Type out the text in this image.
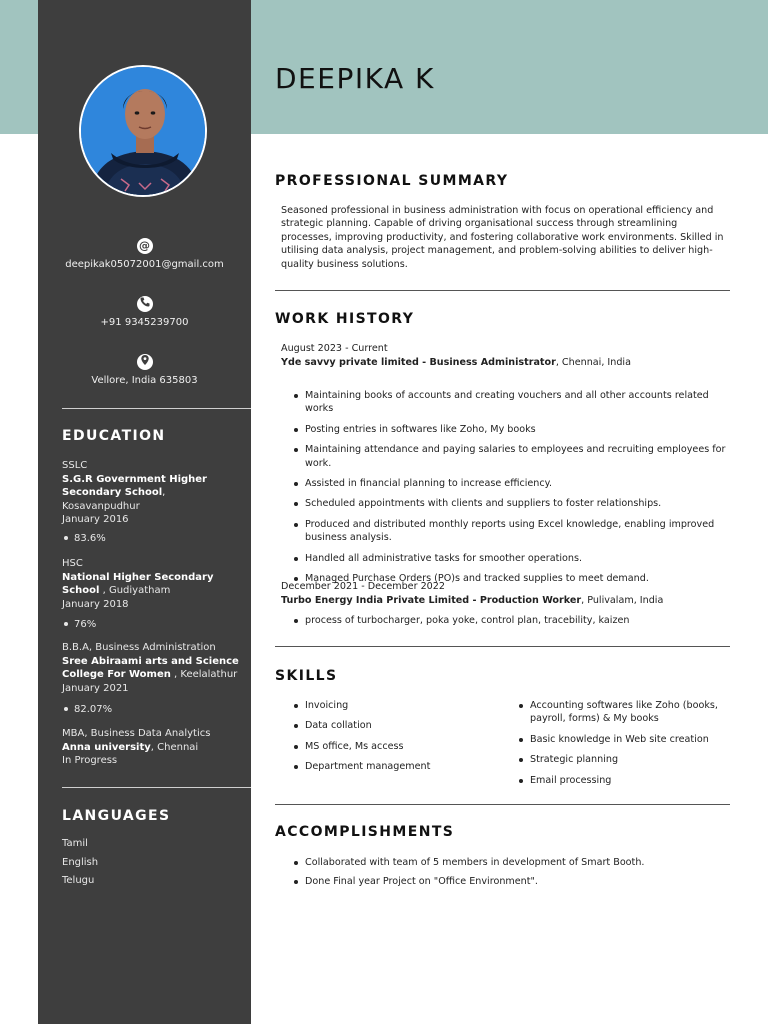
@
deepikak05072001@gmail.com
+91 9345239700
Vellore, India 635803
EDUCATION
SSLC
S.G.R Government Higher Secondary School,
Kosavanpudhur
January 2016
83.6%
HSC
National Higher Secondary School , Gudiyatham
January 2018
76%
B.B.A, Business Administration
Sree Abiraami arts and Science College For Women , Keelalathur
January 2021
82.07%
MBA, Business Data Analytics
Anna university, Chennai
In Progress
LANGUAGES
Tamil
English
Telugu
DEEPIKA K
PROFESSIONAL SUMMARY
Seasoned professional in business administration with focus on operational efficiency and strategic planning. Capable of driving organisational success through streamlining processes, improving productivity, and fostering collaborative work environments. Skilled in utilising data analysis, project management, and problem-solving abilities to deliver high-quality business solutions.
WORK HISTORY
August 2023 - Current
Yde savvy private limited - Business Administrator, Chennai, India
Maintaining books of accounts and creating vouchers and all other accounts related works
Posting entries in softwares like Zoho, My books
Maintaining attendance and paying salaries to employees and recruiting employees for work.
Assisted in financial planning to increase efficiency.
Scheduled appointments with clients and suppliers to foster relationships.
Produced and distributed monthly reports using Excel knowledge, enabling improved business analysis.
Handled all administrative tasks for smoother operations.
Managed Purchase Orders (PO)s and tracked supplies to meet demand.
December 2021 - December 2022
Turbo Energy India Private Limited - Production Worker, Pulivalam, India
process of turbocharger, poka yoke, control plan, tracebility, kaizen
SKILLS
Invoicing
Data collation
MS office, Ms access
Department management
Accounting softwares like Zoho (books, payroll, forms) & My books
Basic knowledge in Web site creation
Strategic planning
Email processing
ACCOMPLISHMENTS
Collaborated with team of 5 members in development of Smart Booth.
Done Final year Project on "Office Environment".
